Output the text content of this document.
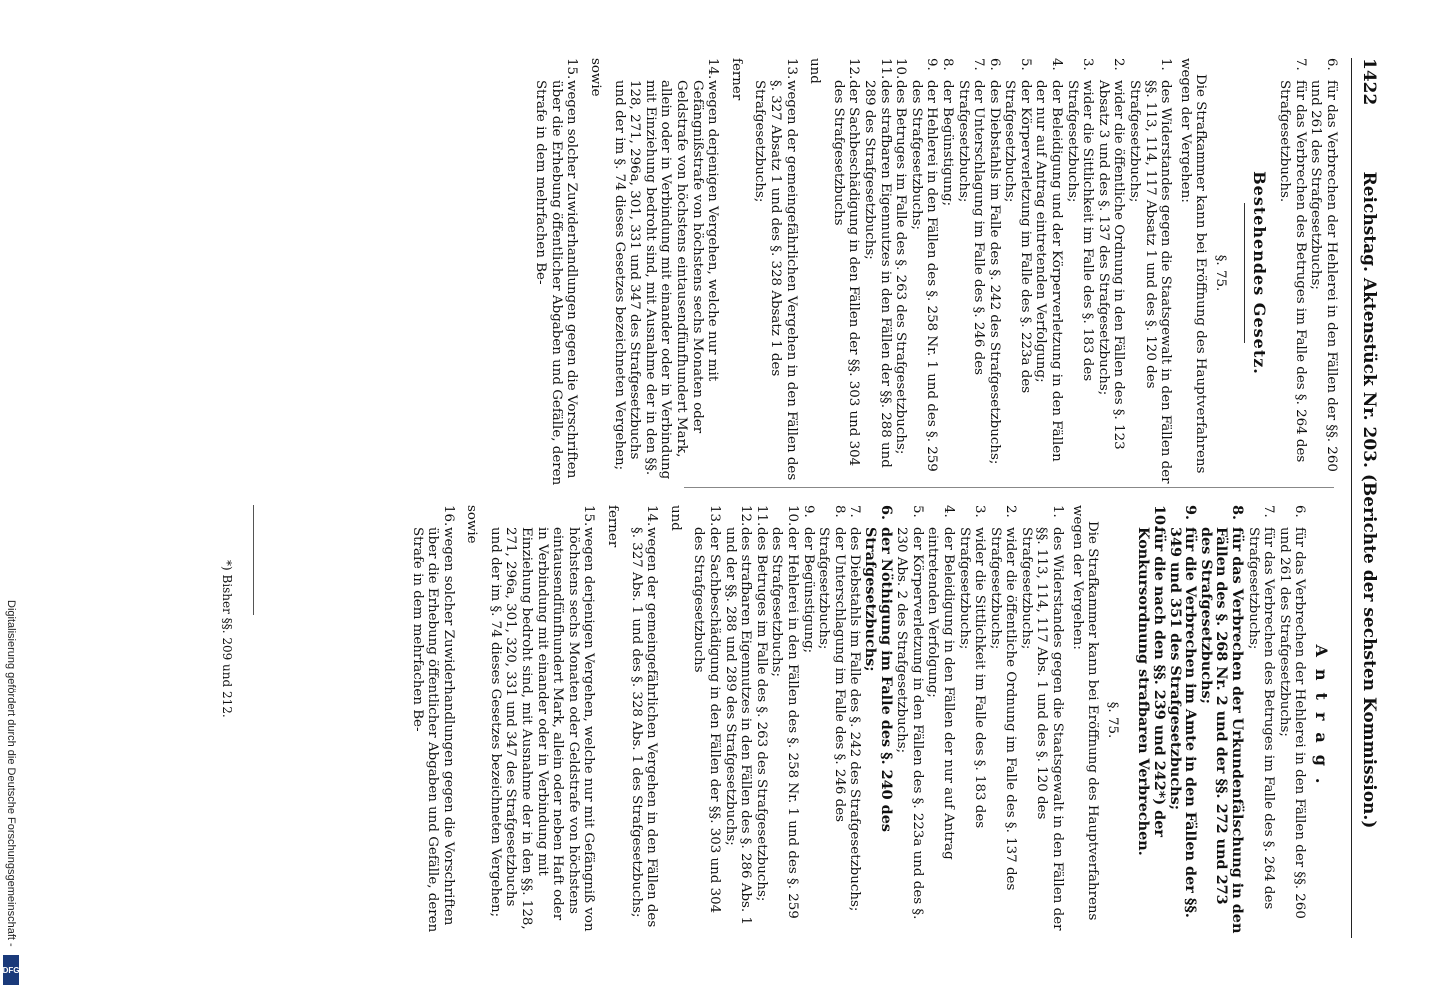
1422
Reichstag. Aktenstück Nr. 203. (Berichte der sechsten Kommission.)
6.
für das Verbrechen der Hehlerei in den Fällen der §§. 260 und 261 des Strafgesetzbuchs;
7.
für das Verbrechen des Betruges im Falle des §. 264 des Strafgesetzbuchs.
Bestehendes Gesetz.
§. 75.
Die Strafkammer kann bei Eröffnung des Hauptverfahrens wegen der Vergehen:
1.
des Widerstandes gegen die Staatsgewalt in den Fällen der §§. 113, 114, 117 Absatz 1 und des §. 120 des Strafgesetzbuchs;
2.
wider die öffentliche Ordnung in den Fällen des §. 123 Absatz 3 und des §. 137 des Strafgesetzbuchs;
3.
wider die Sittlichkeit im Falle des §. 183 des Strafgesetzbuchs;
4.
der Beleidigung und der Körperverletzung in den Fällen der nur auf Antrag eintretenden Verfolgung;
5.
der Körperverletzung im Falle des §. 223a des Strafgesetzbuchs;
6.
des Diebstahls im Falle des §. 242 des Strafgesetzbuchs;
7.
der Unterschlagung im Falle des §. 246 des Strafgesetzbuchs;
8.
der Begünstigung;
9.
der Hehlerei in den Fällen des §. 258 Nr. 1 und des §. 259 des Strafgesetzbuchs;
10.
des Betruges im Falle des §. 263 des Strafgesetzbuchs;
11.
des strafbaren Eigennutzes in den Fällen der §§. 288 und 289 des Strafgesetzbuchs;
12.
der Sachbeschädigung in den Fällen der §§. 303 und 304 des Strafgesetzbuchs
und
13.
wegen der gemeingefährlichen Vergehen in den Fällen des §. 327 Absatz 1 und des §. 328 Absatz 1 des Strafgesetzbuchs;
ferner
14.
wegen derjenigen Vergehen, welche nur mit Gefängnißstrafe von höchstens sechs Monaten oder Geldstrafe von höchstens eintausendfünfhundert Mark, allein oder in Verbindung mit einander oder in Verbindung mit Einziehung bedroht sind, mit Ausnahme der in den §§. 128, 271, 296a, 301, 331 und 347 des Strafgesetzbuchs und der im §. 74 dieses Gesetzes bezeichneten Vergehen;
sowie
15.
wegen solcher Zuwiderhandlungen gegen die Vorschriften über die Erhebung öffentlicher Abgaben und Gefälle, deren Strafe in dem mehrfachen Be-
Antrag.
6.
für das Verbrechen der Hehlerei in den Fällen der §§. 260 und 261 des Strafgesetzbuchs;
7.
für das Verbrechen des Betruges im Falle des §. 264 des Strafgesetzbuchs;
8.
für das Verbrechen der Urkundenfälschung in den Fällen des §. 268 Nr. 2 und der §§. 272 und 273 des Strafgesetzbuchs;
9.
für die Verbrechen im Amte in den Fällen der §§. 349 und 351 des Strafgesetzbuchs;
10.
für die nach den §§. 239 und 242*) der Konkursordnung strafbaren Verbrechen.
§. 75.
Die Strafkammer kann bei Eröffnung des Hauptverfahrens wegen der Vergehen:
1.
des Widerstandes gegen die Staatsgewalt in den Fällen der §§. 113, 114, 117 Abs. 1 und des §. 120 des Strafgesetzbuchs;
2.
wider die öffentliche Ordnung im Falle des §. 137 des Strafgesetzbuchs;
3.
wider die Sittlichkeit im Falle des §. 183 des Strafgesetzbuchs;
4.
der Beleidigung in den Fällen der nur auf Antrag eintretenden Verfolgung;
5.
der Körperverletzung in den Fällen des §. 223a und des §. 230 Abs. 2 des Strafgesetzbuchs;
6.
der Nöthigung im Falle des §. 240 des Strafgesetzbuchs;
7.
des Diebstahls im Falle des §. 242 des Strafgesetzbuchs;
8.
der Unterschlagung im Falle des §. 246 des Strafgesetzbuchs;
9.
der Begünstigung;
10.
der Hehlerei in den Fällen des §. 258 Nr. 1 und des §. 259 des Strafgesetzbuchs;
11.
des Betruges im Falle des §. 263 des Strafgesetzbuchs;
12.
des strafbaren Eigennutzes in den Fällen des §. 286 Abs. 1 und der §§. 288 und 289 des Strafgesetzbuchs;
13.
der Sachbeschädigung in den Fällen der §§. 303 und 304 des Strafgesetzbuchs
und
14.
wegen der gemeingefährlichen Vergehen in den Fällen des §. 327 Abs. 1 und des §. 328 Abs. 1 des Strafgesetzbuchs;
ferner
15.
wegen derjenigen Vergehen, welche nur mit Gefängniß von höchstens sechs Monaten oder Geldstrafe von höchstens eintausendfünfhundert Mark, allein oder neben Haft oder in Verbindung mit einander oder in Verbindung mit Einziehung bedroht sind, mit Ausnahme der in den §§. 128, 271, 296a, 301, 320, 331 und 347 des Strafgesetzbuchs und der im §. 74 dieses Gesetzes bezeichneten Vergehen;
sowie
16.
wegen solcher Zuwiderhandlungen gegen die Vorschriften über die Erhebung öffentlicher Abgaben und Gefälle, deren Strafe in dem mehrfachen Be-
*) Bisher §§. 209 und 212.
Digitalisierung gefördert durch die Deutsche Forschungsgemeinschaft -
DFG
